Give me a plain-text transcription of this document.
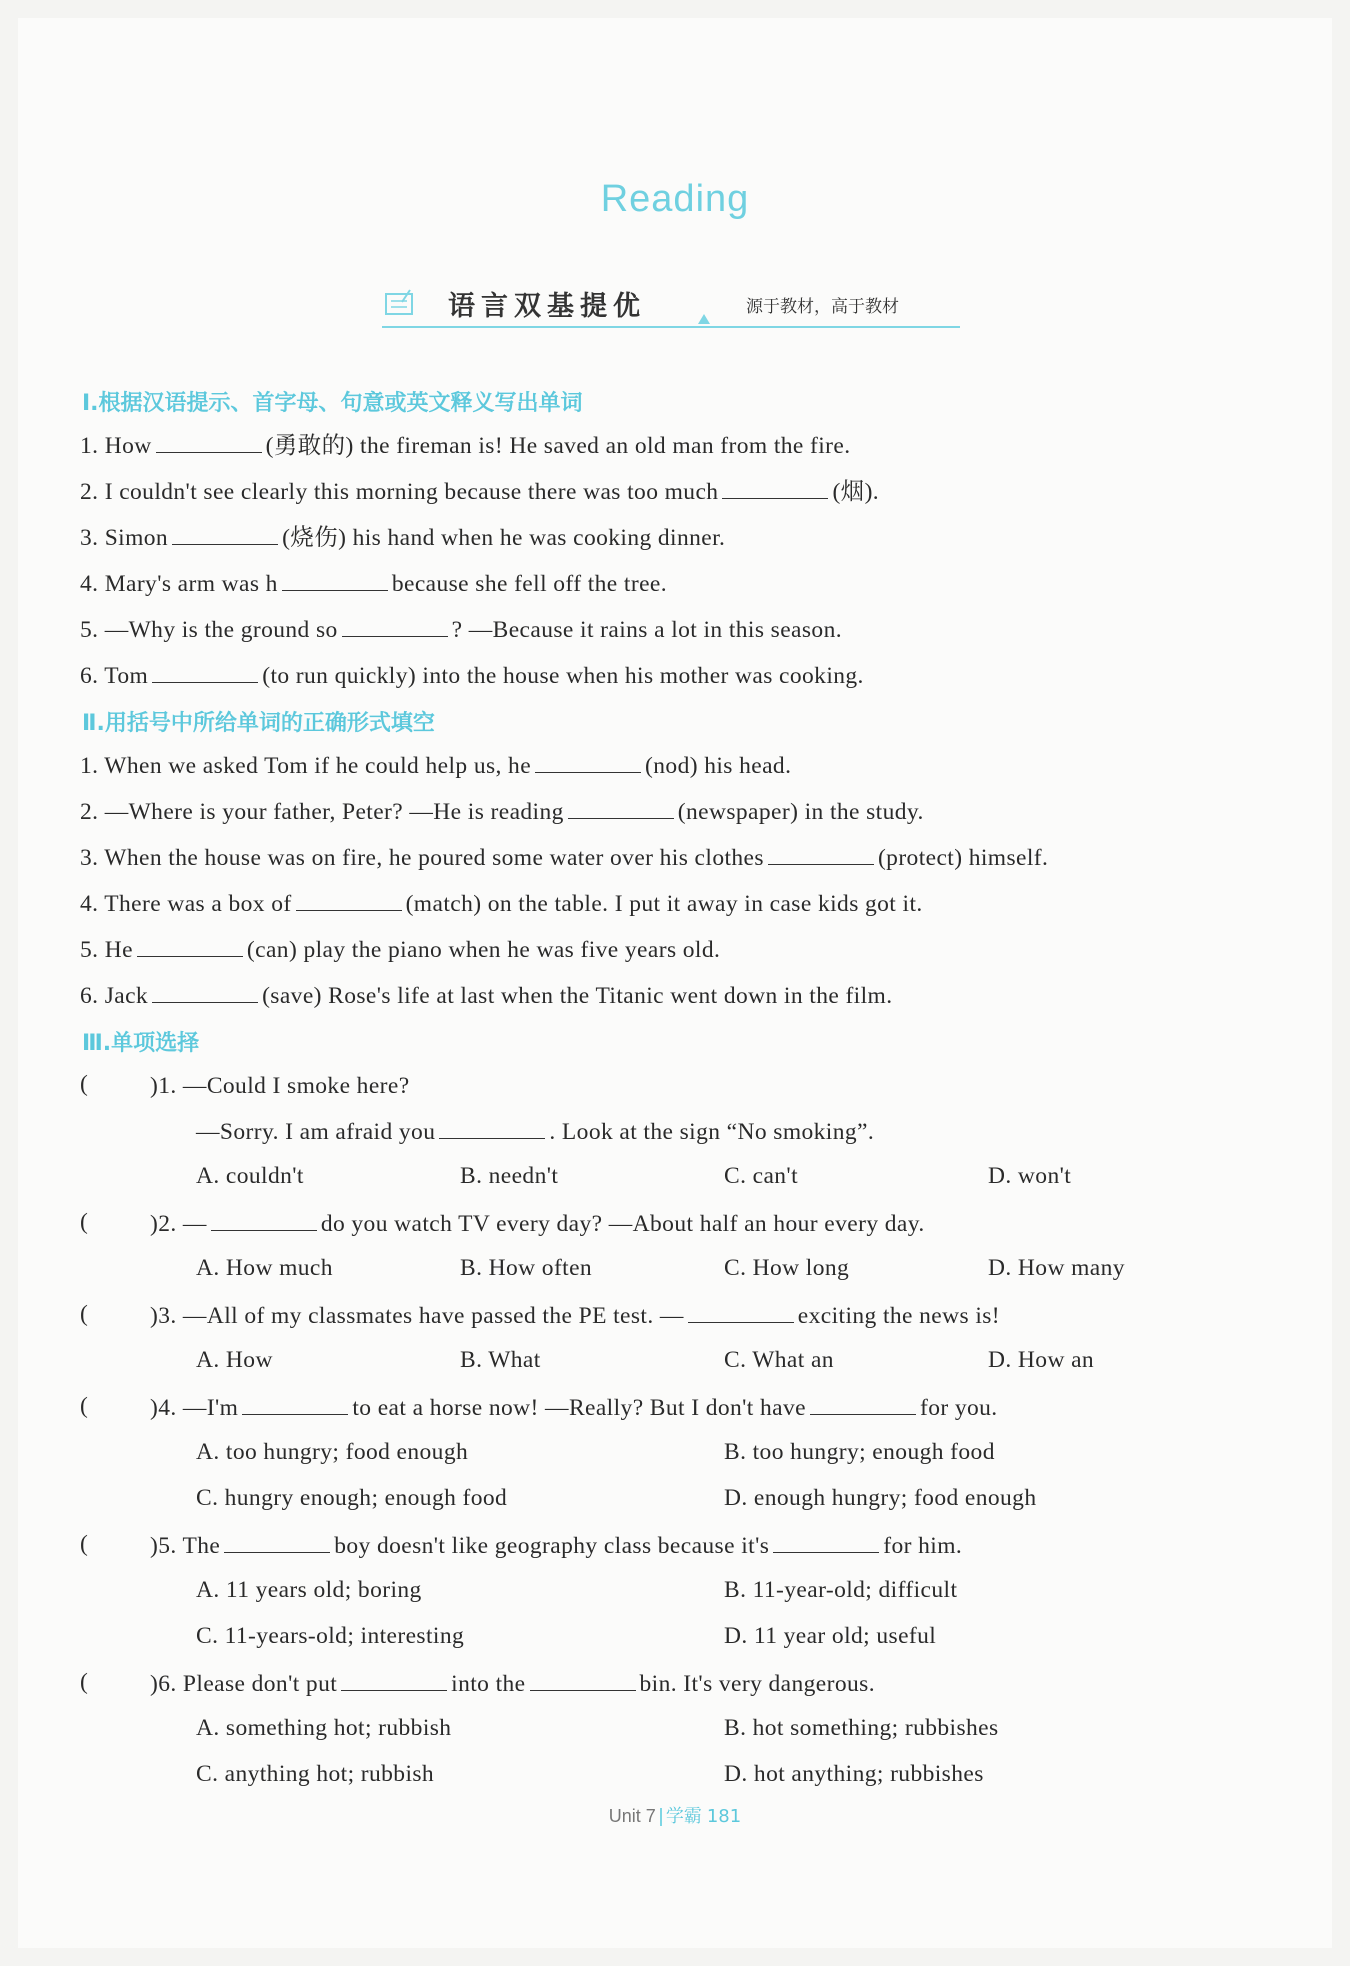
Reading
语言双基提优	源于教材，高于教材
Ⅰ.根据汉语提示、首字母、句意或英文释义写出单词
1. How	(勇敢的) the fireman is! He saved an old man from the fire.
2. I couldn't see clearly this morning because there was too much	(烟).
3. Simon	(烧伤) his hand when he was cooking dinner.
4. Mary's arm was h	because she fell off the tree.
5. —Why is the ground so	? —Because it rains a lot in this season.
6. Tom	(to run quickly) into the house when his mother was cooking.
Ⅱ.用括号中所给单词的正确形式填空
1. When we asked Tom if he could help us, he	(nod) his head.
2. —Where is your father, Peter? —He is reading	(newspaper) in the study.
3. When the house was on fire, he poured some water over his clothes	(protect) himself.
4. There was a box of	(match) on the table. I put it away in case kids got it.
5. He	(can) play the piano when he was five years old.
6. Jack	(save) Rose's life at last when the Titanic went down in the film.
Ⅲ.单项选择
(	)1. —Could I smoke here?
—Sorry. I am afraid you	. Look at the sign “No smoking”.
A. couldn't	B. needn't	C. can't	D. won't
(	)2. —	do you watch TV every day? —About half an hour every day.
A. How much	B. How often	C. How long	D. How many
(	)3. —All of my classmates have passed the PE test. —	exciting the news is!
A. How	B. What	C. What an	D. How an
(	)4. —I'm	to eat a horse now! —Really? But I don't have	for you.
A. too hungry; food enough	B. too hungry; enough food
C. hungry enough; enough food	D. enough hungry; food enough
(	)5. The	boy doesn't like geography class because it's	for him.
A. 11 years old; boring	B. 11-year-old; difficult
C. 11-years-old; interesting	D. 11 year old; useful
(	)6. Please don't put	into the	bin. It's very dangerous.
A. something hot; rubbish	B. hot something; rubbishes
C. anything hot; rubbish	D. hot anything; rubbishes
Unit 7 学霸 181
